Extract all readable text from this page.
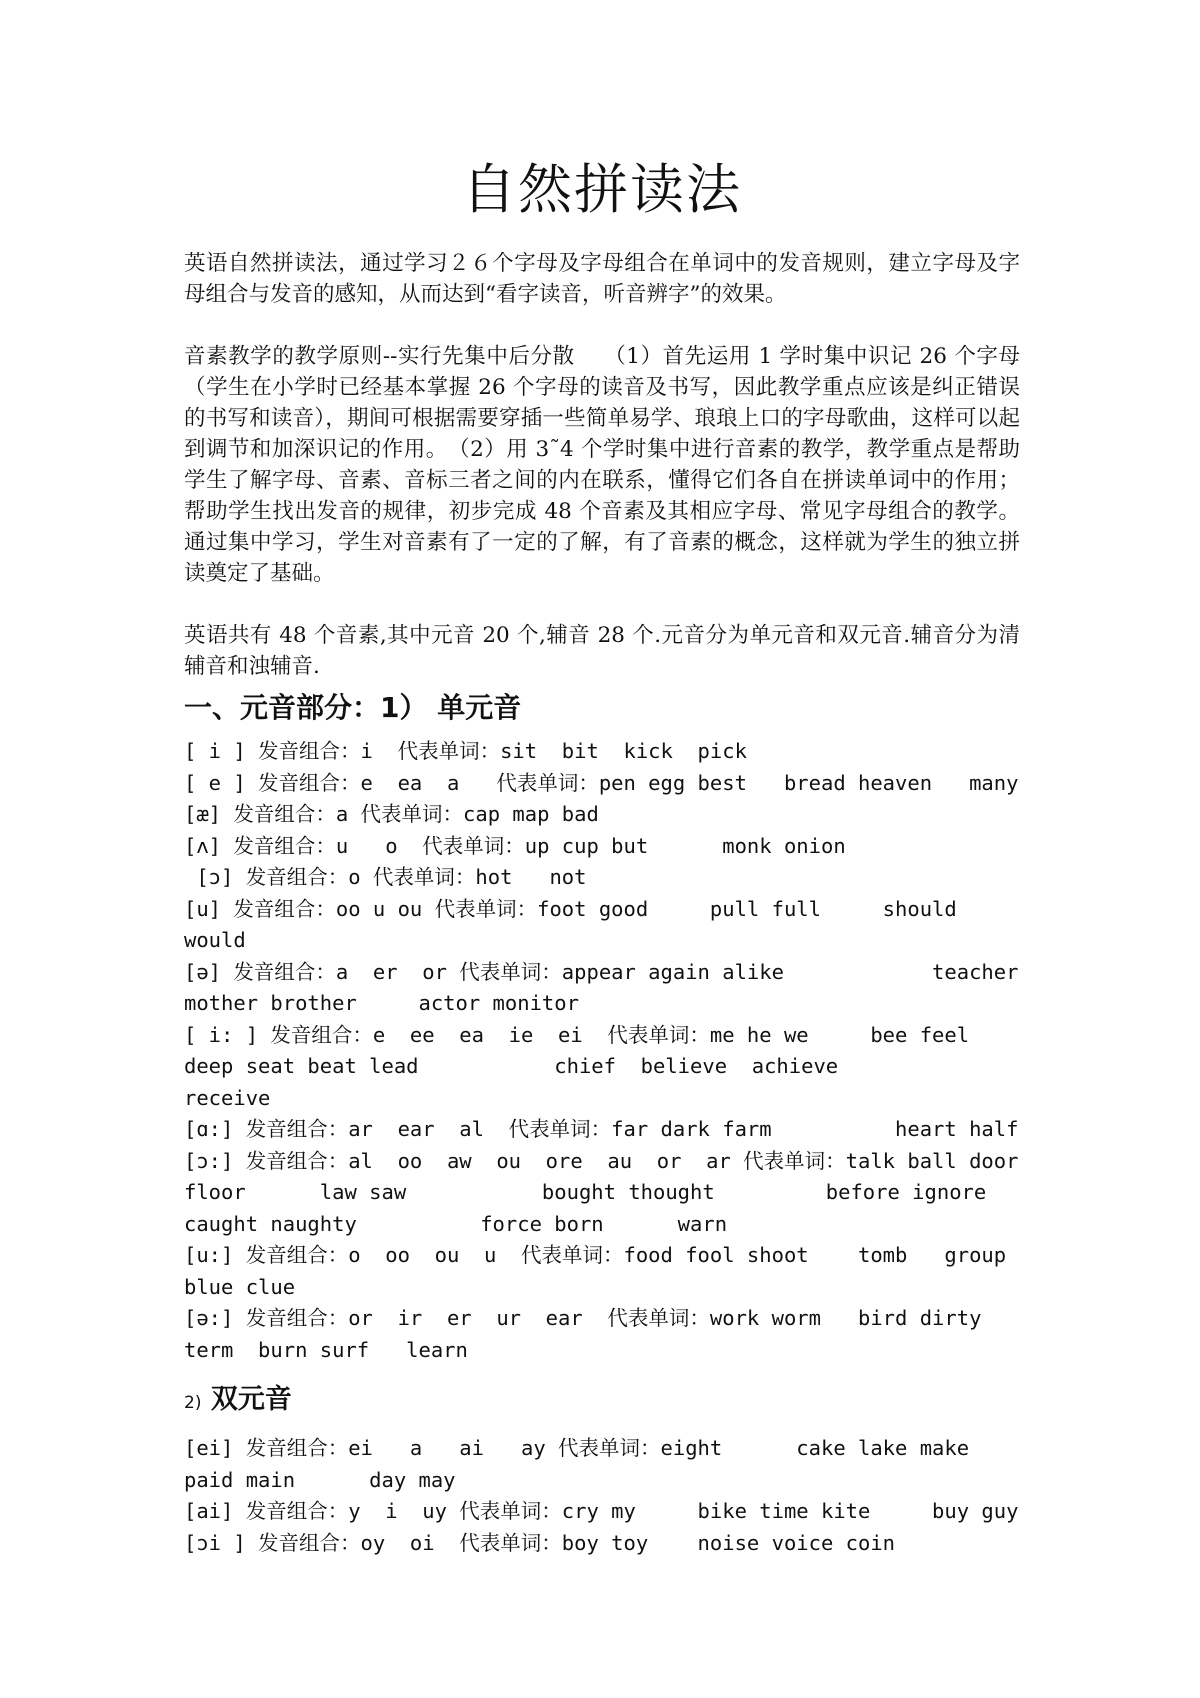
自然拼读法

英语自然拼读法，通过学习２６个字母及字母组合在单词中的发音规则，建立字母及字母组合与发音的感知，从而达到“看字读音，听音辨字”的效果。

音素教学的教学原则--实行先集中后分散　 （1）首先运用 1 学时集中识记 26 个字母（学生在小学时已经基本掌握 26 个字母的读音及书写，因此教学重点应该是纠正错误的书写和读音），期间可根据需要穿插一些简单易学、琅琅上口的字母歌曲，这样可以起到调节和加深识记的作用。　（2）用 3˜4 个学时集中进行音素的教学，教学重点是帮助学生了解字母、音素、音标三者之间的内在联系，懂得它们各自在拼读单词中的作用；帮助学生找出发音的规律，初步完成 48 个音素及其相应字母、常见字母组合的教学。通过集中学习，学生对音素有了一定的了解，有了音素的概念，这样就为学生的独立拼读奠定了基础。

英语共有 48 个音素,其中元音 20 个,辅音 28 个.元音分为单元音和双元音.辅音分为清辅音和浊辅音.

一、元音部分：1） 单元音

[ i ] 发音组合：i  代表单词：sit  bit  kick  pick

[ e ] 发音组合：e  ea  a   代表单词：pen egg best   bread heaven   many

[æ] 发音组合：a 代表单词：cap map bad

[ʌ] 发音组合：u   o  代表单词：up cup but      monk onion

[ɔ] 发音组合：o 代表单词：hot   not

[u] 发音组合：oo u ou 代表单词：foot good     pull full     should would

[ə] 发音组合：a  er  or 代表单词：appear again alike            teacher mother brother     actor monitor

[ i: ] 发音组合：e  ee  ea  ie  ei  代表单词：me he we     bee feel deep seat beat lead           chief  believe  achieve         receive

[ɑ:] 发音组合：ar  ear  al  代表单词：far dark farm          heart half

[ɔ:] 发音组合：al  oo  aw  ou  ore  au  or  ar 代表单词：talk ball door floor      law saw           bought thought         before ignore caught naughty          force born      warn

[u:] 发音组合：o  oo  ou  u  代表单词：food fool shoot    tomb   group blue clue

[ə:] 发音组合：or  ir  er  ur  ear  代表单词：work worm   bird dirty term  burn surf   learn

2) 双元音

[ei] 发音组合：ei   a   ai   ay 代表单词：eight      cake lake make paid main      day may

[ai] 发音组合：y  i  uy 代表单词：cry my     bike time kite     buy guy

[ɔi ] 发音组合：oy  oi  代表单词：boy toy    noise voice coin
